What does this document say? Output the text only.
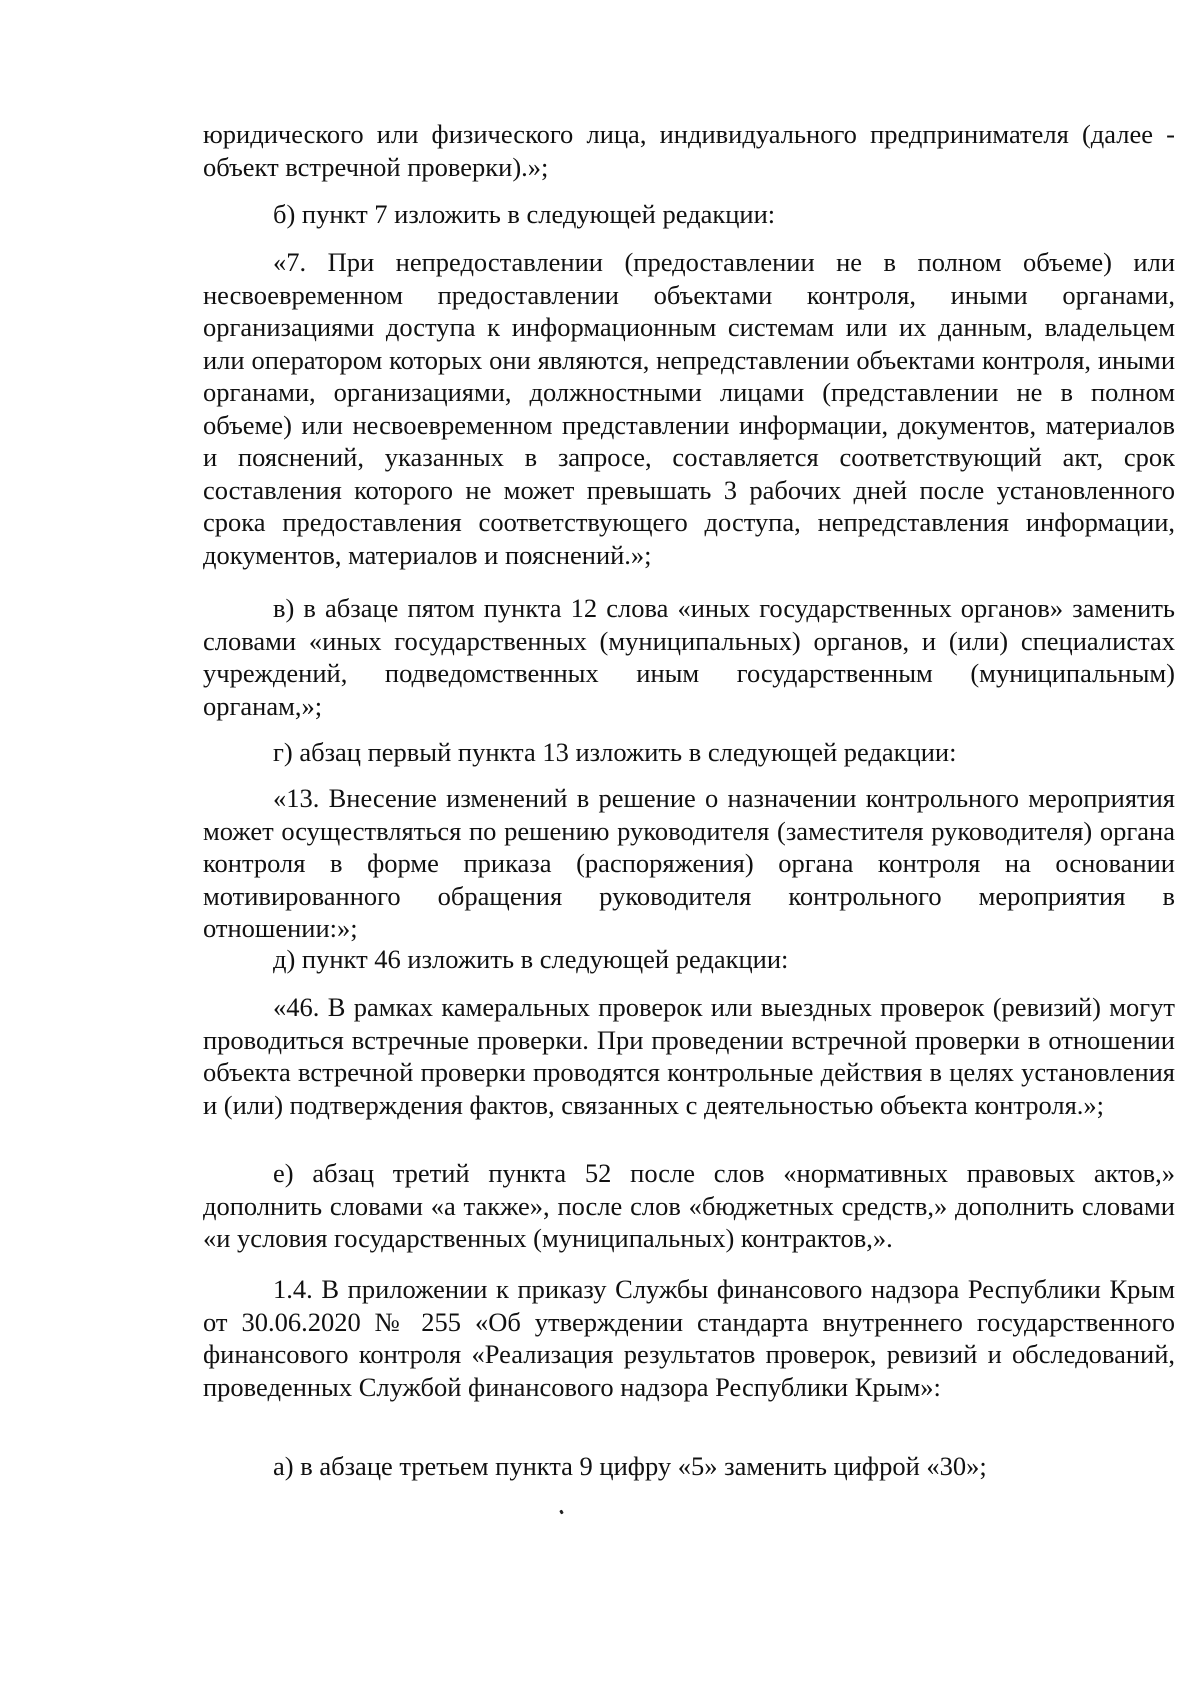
юридического или физического лица, индивидуального предпринимателя (далее - объект встречной проверки).»;

б) пункт 7 изложить в следующей редакции:

«7. При непредоставлении (предоставлении не в полном объеме) или несвоевременном предоставлении объектами контроля, иными органами, организациями доступа к информационным системам или их данным, владельцем или оператором которых они являются, непредставлении объектами контроля, иными органами, организациями, должностными лицами (представлении не в полном объеме) или несвоевременном представлении информации, документов, материалов и пояснений, указанных в запросе, составляется соответствующий акт, срок составления которого не может превышать 3 рабочих дней после установленного срока предоставления соответствующего доступа, непредставления информации, документов, материалов и пояснений.»;

в) в абзаце пятом пункта 12 слова «иных государственных органов» заменить словами «иных государственных (муниципальных) органов, и (или) специалистах учреждений, подведомственных иным государственным (муниципальным) органам,»;

г) абзац первый пункта 13 изложить в следующей редакции:

«13. Внесение изменений в решение о назначении контрольного мероприятия может осуществляться по решению руководителя (заместителя руководителя) органа контроля в форме приказа (распоряжения) органа контроля на основании мотивированного обращения руководителя контрольного мероприятия в отношении:»;

д) пункт 46 изложить в следующей редакции:

«46. В рамках камеральных проверок или выездных проверок (ревизий) могут проводиться встречные проверки. При проведении встречной проверки в отношении объекта встречной проверки проводятся контрольные действия в целях установления и (или) подтверждения фактов, связанных с деятельностью объекта контроля.»;

е) абзац третий пункта 52 после слов «нормативных правовых актов,» дополнить словами «а также», после слов «бюджетных средств,» дополнить словами «и условия государственных (муниципальных) контрактов,».

1.4. В приложении к приказу Службы финансового надзора Республики Крым от 30.06.2020 № 255 «Об утверждении стандарта внутреннего государственного финансового контроля «Реализация результатов проверок, ревизий и обследований, проведенных Службой финансового надзора Республики Крым»:

а) в абзаце третьем пункта 9 цифру «5» заменить цифрой «30»;
